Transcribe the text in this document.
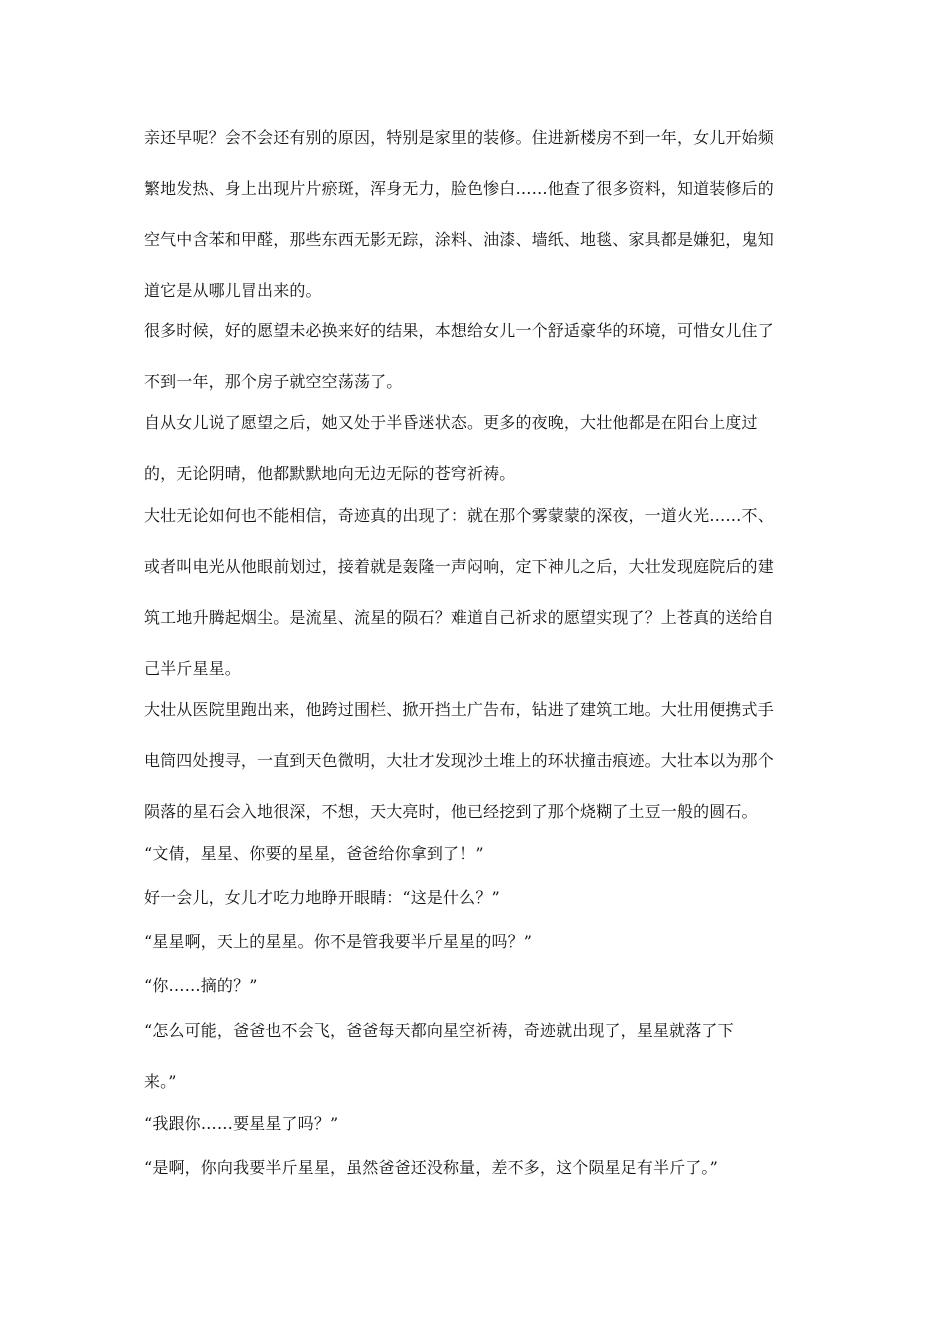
亲还早呢？会不会还有别的原因，特别是家里的装修。住进新楼房不到一年，女儿开始频
繁地发热、身上出现片片瘀斑，浑身无力，脸色惨白……他查了很多资料，知道装修后的
空气中含苯和甲醛，那些东西无影无踪，涂料、油漆、墙纸、地毯、家具都是嫌犯，鬼知
道它是从哪儿冒出来的。
很多时候，好的愿望未必换来好的结果，本想给女儿一个舒适豪华的环境，可惜女儿住了
不到一年，那个房子就空空荡荡了。
自从女儿说了愿望之后，她又处于半昏迷状态。更多的夜晚，大壮他都是在阳台上度过
的，无论阴晴，他都默默地向无边无际的苍穹祈祷。
大壮无论如何也不能相信，奇迹真的出现了：就在那个雾蒙蒙的深夜，一道火光……不、
或者叫电光从他眼前划过，接着就是轰隆一声闷响，定下神儿之后，大壮发现庭院后的建
筑工地升腾起烟尘。是流星、流星的陨石？难道自己祈求的愿望实现了？上苍真的送给自
己半斤星星。
大壮从医院里跑出来，他跨过围栏、掀开挡土广告布，钻进了建筑工地。大壮用便携式手
电筒四处搜寻，一直到天色微明，大壮才发现沙土堆上的环状撞击痕迹。大壮本以为那个
陨落的星石会入地很深，不想，天大亮时，他已经挖到了那个烧糊了土豆一般的圆石。
“文倩，星星、你要的星星，爸爸给你拿到了！”
好一会儿，女儿才吃力地睁开眼睛：“这是什么？”
“星星啊，天上的星星。你不是管我要半斤星星的吗？”
“你……摘的？”
“怎么可能，爸爸也不会飞，爸爸每天都向星空祈祷，奇迹就出现了，星星就落了下
来。”
“我跟你……要星星了吗？”
“是啊，你向我要半斤星星，虽然爸爸还没称量，差不多，这个陨星足有半斤了。”
